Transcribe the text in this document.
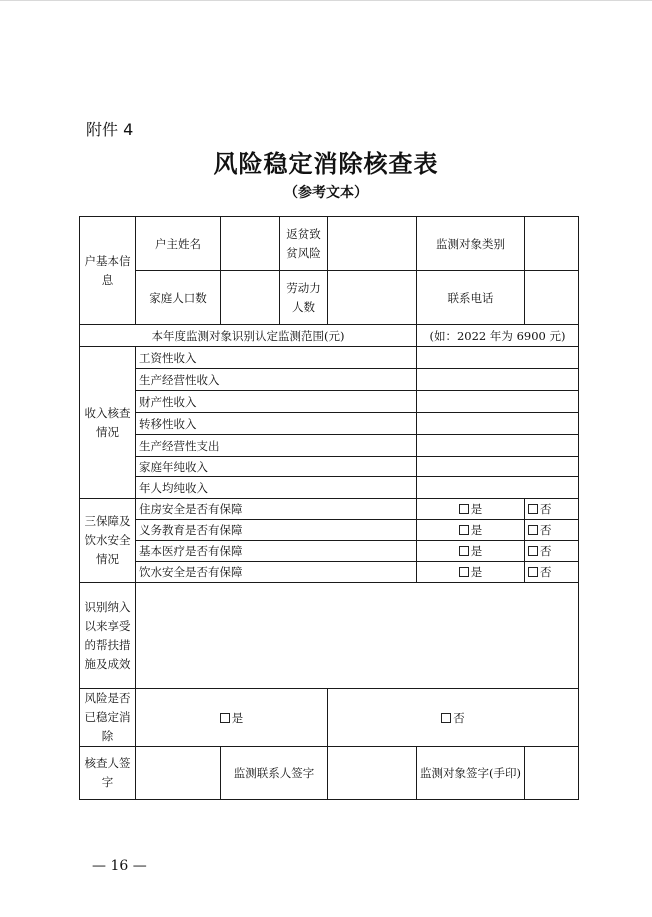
附件 4
风险稳定消除核查表
（参考文本）
户基本信息	户主姓名		返贫致贫风险		监测对象类别	
	家庭人口数		劳动力人数		联系电话	
本年度监测对象识别认定监测范围(元)					(如：2022 年为 6900 元)	
收入核查情况	工资性收入					
	生产经营性收入					
	财产性收入					
	转移性收入					
	生产经营性支出					
	家庭年纯收入					
	年人均纯收入					
三保障及饮水安全情况	住房安全是否有保障				是	否
	义务教育是否有保障				是	否
	基本医疗是否有保障				是	否
	饮水安全是否有保障				是	否
识别纳入以来享受的帮扶措施及成效						
风险是否已稳定消除	是			否		
核查人签字		监测联系人签字			监测对象签字(手印)	
— 16 —
